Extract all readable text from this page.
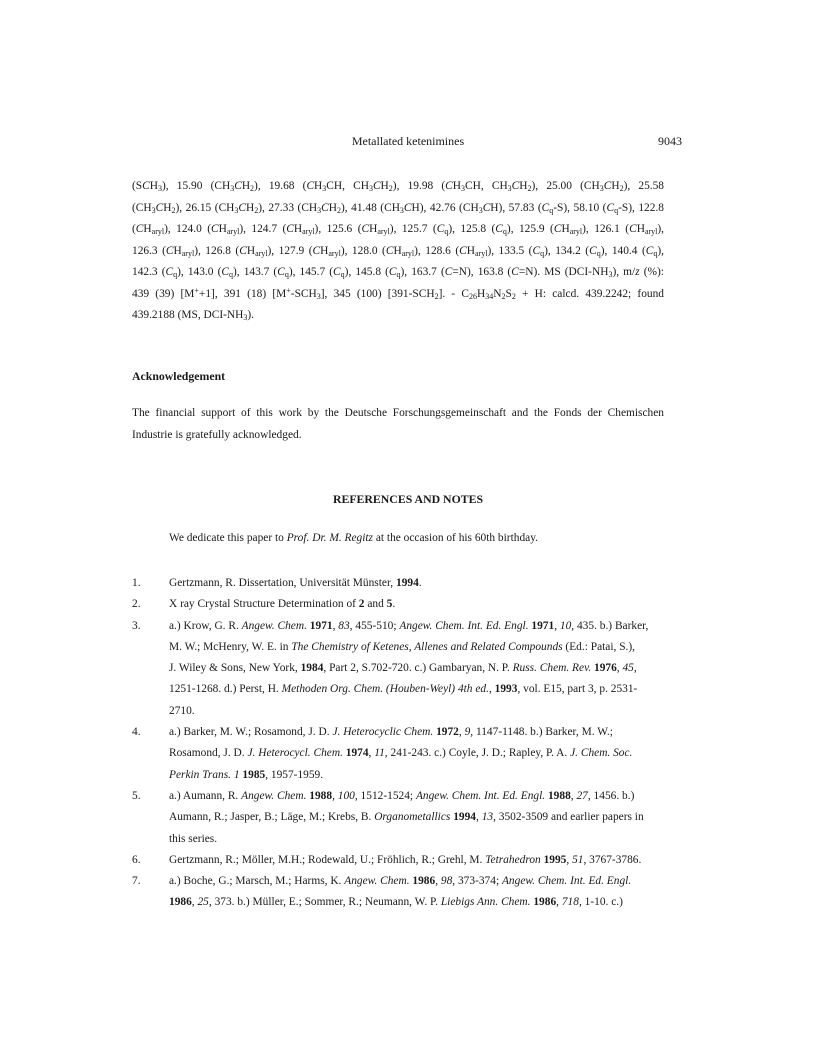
Metallated ketenimines	9043
$(SCH_3)$, 15.90 $(CH_3CH_2)$, 19.68 ($CH_3CH$, $CH_3CH_2$), 19.98 ($CH_3CH$, $CH_3CH_2$), 25.00 $(CH_3CH_2)$, 25.58
$(CH_3CH_2)$, 26.15 $(CH_3CH_2)$, 27.33 $(CH_3CH_2)$, 41.48 $(CH_3CH)$, 42.76 $(CH_3CH)$, 57.83 $(C_q-S)$, 58.10 $(C_q-S)$, 122.8
$(CH_{aryl})$, 124.0 $(CH_{aryl})$, 124.7 $(CH_{aryl})$, 125.6 $(CH_{aryl})$, 125.7 $(C_q)$, 125.8 $(C_q)$, 125.9 $(CH_{aryl})$, 126.1 $(CH_{aryl})$,
126.3 $(CH_{aryl})$, 126.8 $(CH_{aryl})$, 127.9 $(CH_{aryl})$, 128.0 $(CH_{aryl})$, 128.6 $(CH_{aryl})$, 133.5 $(C_q)$, 134.2 $(C_q)$, 140.4 $(C_q)$,
142.3 $(C_q)$, 143.0 $(C_q)$, 143.7 $(C_q)$, 145.7 $(C_q)$, 145.8 $(C_q)$, 163.7 (C=N), 163.8 (C=N). MS $(DCI-NH_3)$, m/z (%):
439 (39) [M++1], 391 (18) $[M^+-SCH_3]$, 345 (100) $[391-SCH_2]$. - $C_{26}H_{34}N_2S_2 + H$: calcd. 439.2242; found
439.2188 (MS, DCI-$NH_3$).
Acknowledgement
The financial support of this work by the Deutsche Forschungsgemeinschaft and the Fonds der Chemischen
Industrie is gratefully acknowledged.
REFERENCES AND NOTES
We dedicate this paper to Prof. Dr. M. Regitz at the occasion of his 60th birthday.
1.	Gertzmann, R. Dissertation, Universität Münster, 1994.
2.	X ray Crystal Structure Determination of 2 and 5.
3.	a.) Krow, G. R. Angew. Chem. 1971, 83, 455-510; Angew. Chem. Int. Ed. Engl. 1971, 10, 435. b.) Barker,
M. W.; McHenry, W. E. in The Chemistry of Ketenes, Allenes and Related Compounds (Ed.: Patai, S.),
J. Wiley & Sons, New York, 1984, Part 2, S.702-720. c.) Gambaryan, N. P. Russ. Chem. Rev. 1976, 45,
1251-1268. d.) Perst, H. Methoden Org. Chem. (Houben-Weyl) 4th ed., 1993, vol. E15, part 3, p. 2531-
2710.
4.	a.) Barker, M. W.; Rosamond, J. D. J. Heterocyclic Chem. 1972, 9, 1147-1148. b.) Barker, M. W.;
Rosamond, J. D. J. Heterocycl. Chem. 1974, 11, 241-243. c.) Coyle, J. D.; Rapley, P. A. J. Chem. Soc.
Perkin Trans. 1 1985, 1957-1959.
5.	a.) Aumann, R. Angew. Chem. 1988, 100, 1512-1524; Angew. Chem. Int. Ed. Engl. 1988, 27, 1456. b.)
Aumann, R.; Jasper, B.; Läge, M.; Krebs, B. Organometallics 1994, 13, 3502-3509 and earlier papers in
this series.
6.	Gertzmann, R.; Möller, M.H.; Rodewald, U.; Fröhlich, R.; Grehl, M. Tetrahedron 1995, 51, 3767-3786.
7.	a.) Boche, G.; Marsch, M.; Harms, K. Angew. Chem. 1986, 98, 373-374; Angew. Chem. Int. Ed. Engl.
1986, 25, 373. b.) Müller, E.; Sommer, R.; Neumann, W. P. Liebigs Ann. Chem. 1986, 718, 1-10. c.)
